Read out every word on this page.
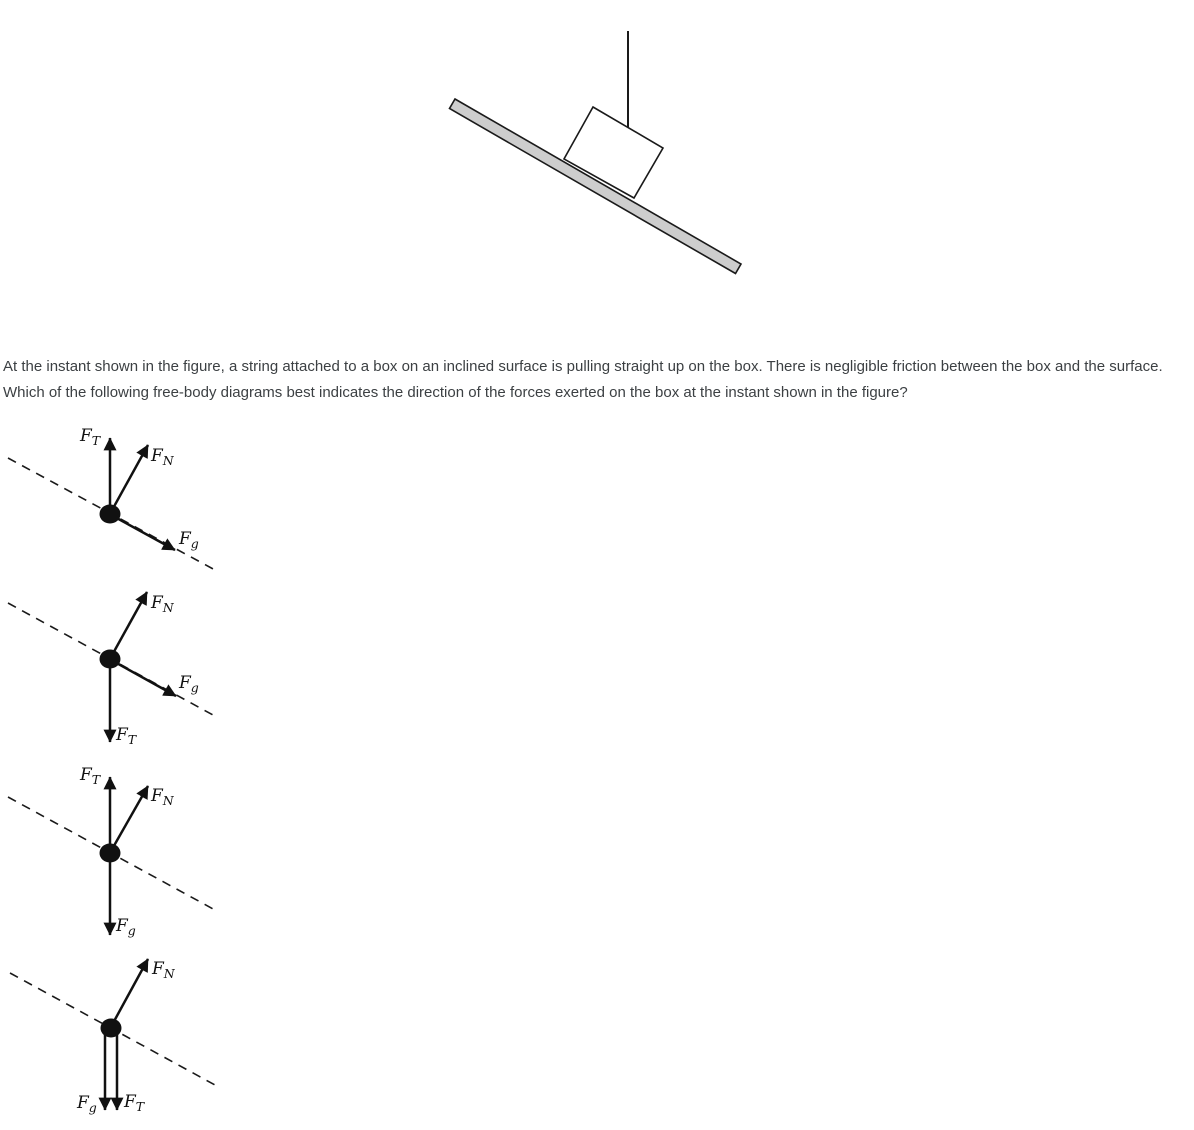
$F_T$
$F_N$
$F_g$
$F_N$
$F_g$
$F_T$
$F_T$
$F_N$
$F_g$
$F_N$
$F_g$ $F_T$

At the instant shown in the figure, a string attached to a box on an inclined surface is pulling straight up on the box. There is negligible friction between the box and the surface. Which of the following free-body diagrams best indicates the direction of the forces exerted on the box at the instant shown in the figure?
